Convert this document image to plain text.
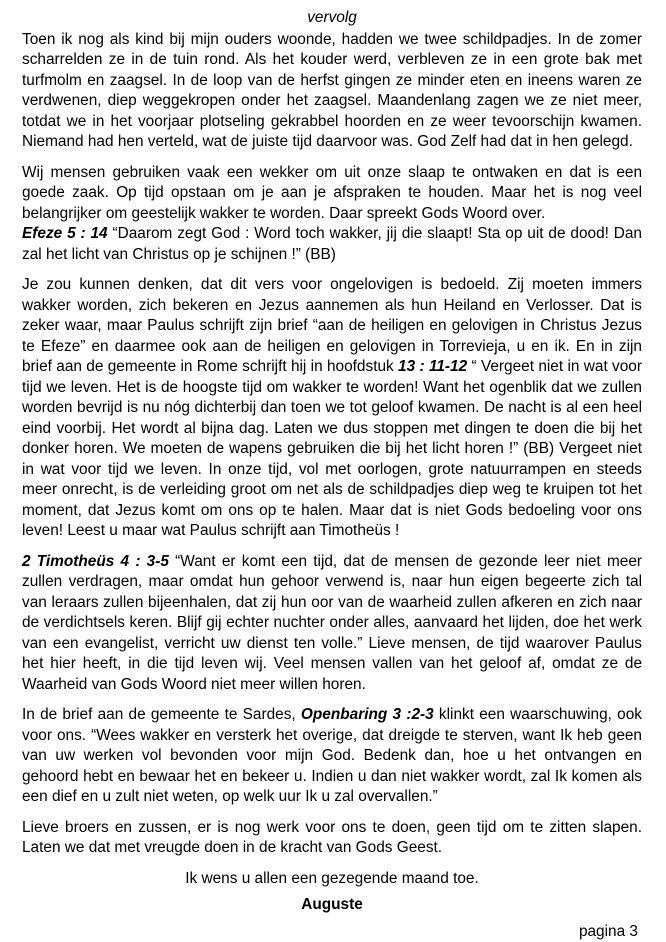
vervolg

Toen ik nog als kind bij mijn ouders woonde, hadden we twee schildpadjes. In de zomer scharrelden ze in de tuin rond. Als het kouder werd, verbleven ze in een grote bak met turfmolm en zaagsel. In de loop van de herfst gingen ze minder eten en ineens waren ze verdwenen, diep weggekropen onder het zaagsel. Maandenlang zagen we ze niet meer, totdat we in het voorjaar plotseling gekrabbel hoorden en ze weer tevoorschijn kwamen. Niemand had hen verteld, wat de juiste tijd daarvoor was. God Zelf had dat in hen gelegd.

Wij mensen gebruiken vaak een wekker om uit onze slaap te ontwaken en dat is een goede zaak. Op tijd opstaan om je aan je afspraken te houden. Maar het is nog veel belangrijker om geestelijk wakker te worden. Daar spreekt Gods Woord over.
Efeze 5 : 14 “Daarom zegt God : Word toch wakker, jij die slaapt! Sta op uit de dood! Dan zal het licht van Christus op je schijnen !” (BB)

Je zou kunnen denken, dat dit vers voor ongelovigen is bedoeld. Zij moeten immers wakker worden, zich bekeren en Jezus aannemen als hun Heiland en Verlosser. Dat is zeker waar, maar Paulus schrijft zijn brief “aan de heiligen en gelovigen in Christus Jezus te Efeze” en daarmee ook aan de heiligen en gelovigen in Torrevieja, u en ik. En in zijn brief aan de gemeente in Rome schrijft hij in hoofdstuk 13 : 11-12 “ Vergeet niet in wat voor tijd we leven. Het is de hoogste tijd om wakker te worden! Want het ogenblik dat we zullen worden bevrijd is nu nóg dichterbij dan toen we tot geloof kwamen. De nacht is al een heel eind voorbij. Het wordt al bijna dag. Laten we dus stoppen met dingen te doen die bij het donker horen. We moeten de wapens gebruiken die bij het licht horen !” (BB) Vergeet niet in wat voor tijd we leven. In onze tijd, vol met oorlogen, grote natuurrampen en steeds meer onrecht, is de verleiding groot om net als de schildpadjes diep weg te kruipen tot het moment, dat Jezus komt om ons op te halen. Maar dat is niet Gods bedoeling voor ons leven! Leest u maar wat Paulus schrijft aan Timotheüs !

2 Timotheüs 4 : 3-5 “Want er komt een tijd, dat de mensen de gezonde leer niet meer zullen verdragen, maar omdat hun gehoor verwend is, naar hun eigen begeerte zich tal van leraars zullen bijeenhalen, dat zij hun oor van de waarheid zullen afkeren en zich naar de verdichtsels keren. Blijf gij echter nuchter onder alles, aanvaard het lijden, doe het werk van een evangelist, verricht uw dienst ten volle.” Lieve mensen, de tijd waarover Paulus het hier heeft, in die tijd leven wij. Veel mensen vallen van het geloof af, omdat ze de Waarheid van Gods Woord niet meer willen horen.

In de brief aan de gemeente te Sardes, Openbaring 3 :2-3 klinkt een waarschuwing, ook voor ons. “Wees wakker en versterk het overige, dat dreigde te sterven, want Ik heb geen van uw werken vol bevonden voor mijn God. Bedenk dan, hoe u het ontvangen en gehoord hebt en bewaar het en bekeer u. Indien u dan niet wakker wordt, zal Ik komen als een dief en u zult niet weten, op welk uur Ik u zal overvallen.”

Lieve broers en zussen, er is nog werk voor ons te doen, geen tijd om te zitten slapen. Laten we dat met vreugde doen in de kracht van Gods Geest.

Ik wens u allen een gezegende maand toe.
Auguste
pagina 3
